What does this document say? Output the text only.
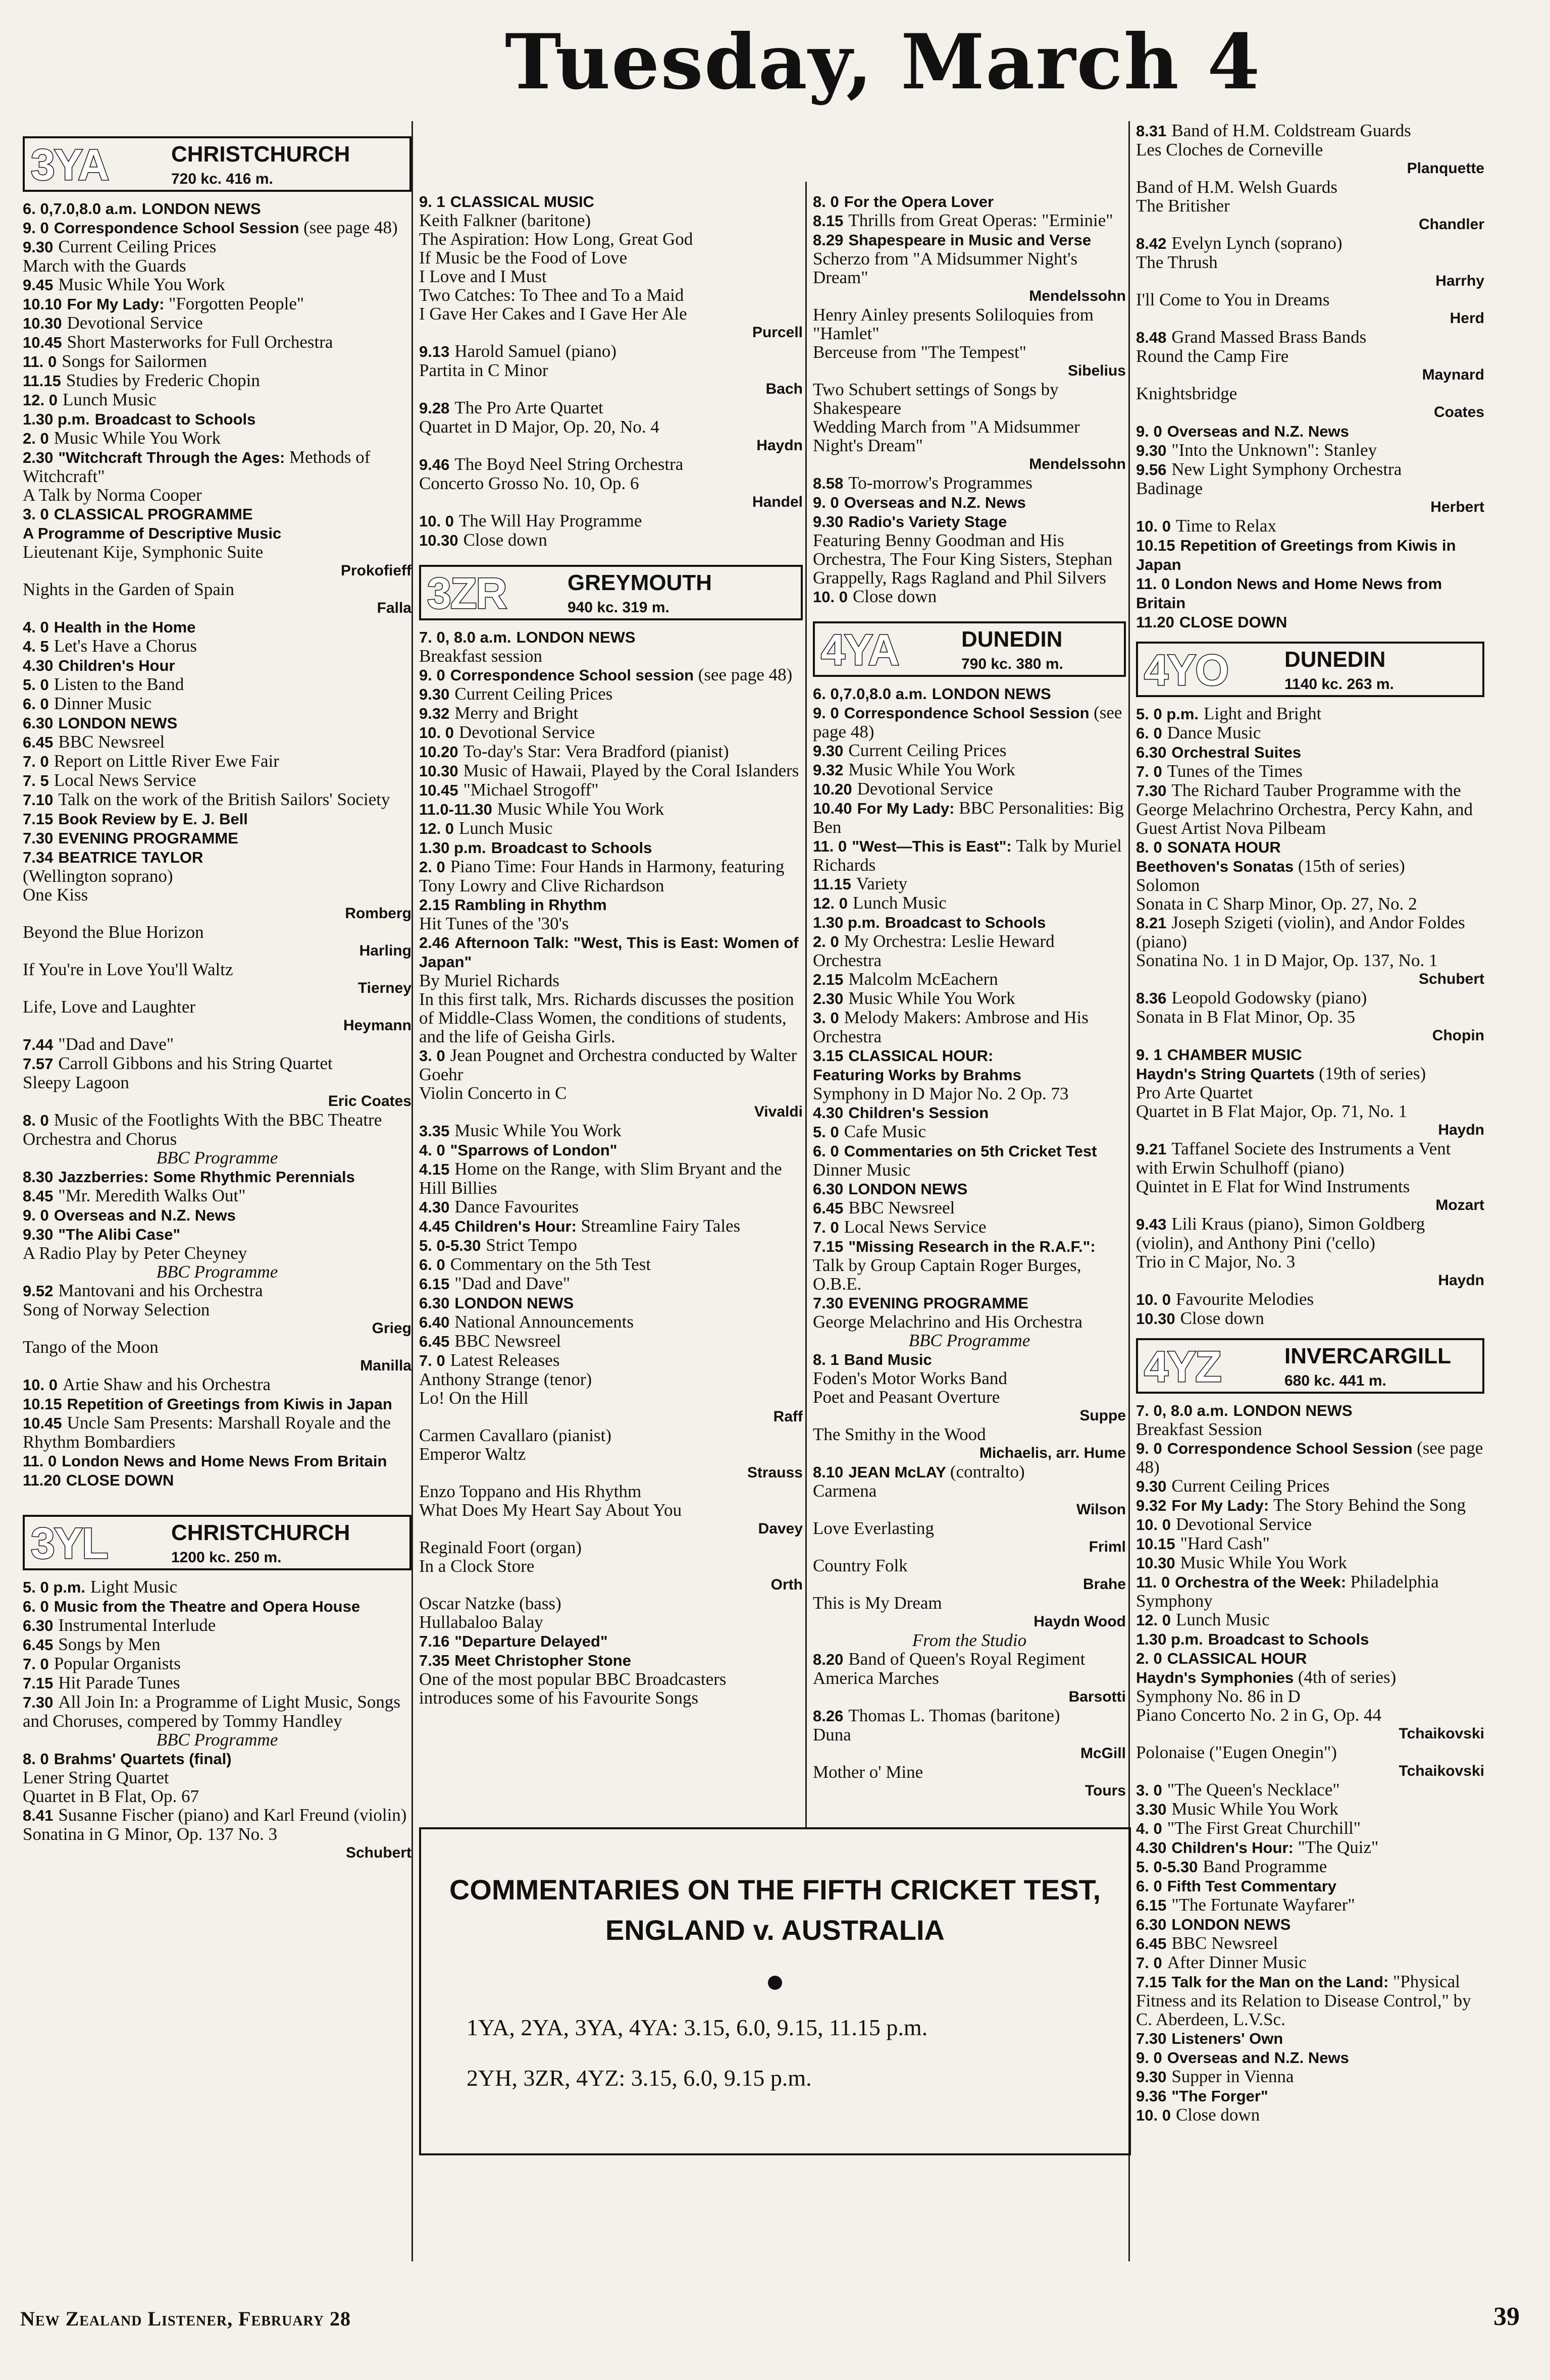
Tuesday, March 4
3YA	CHRISTCHURCH
720 kc. 416 m.
6. 0,7.0,8.0 a.m. LONDON NEWS
9. 0 Correspondence School Session (see page 48)
9.30 Current Ceiling Prices
March with the Guards
9.45 Music While You Work
10.10 For My Lady: "Forgotten People"
10.30 Devotional Service
10.45 Short Masterworks for Full Orchestra
11. 0 Songs for Sailormen
11.15 Studies by Frederic Chopin
12. 0 Lunch Music
1.30 p.m. Broadcast to Schools
2. 0 Music While You Work
2.30 "Witchcraft Through the Ages: Methods of Witchcraft"
A Talk by Norma Cooper
3. 0 CLASSICAL PROGRAMME
A Programme of Descriptive Music
Lieutenant Kije, Symphonic Suite
Prokofieff
Nights in the Garden of Spain
Falla
4. 0 Health in the Home
4. 5 Let's Have a Chorus
4.30 Children's Hour
5. 0 Listen to the Band
6. 0 Dinner Music
6.30 LONDON NEWS
6.45 BBC Newsreel
7. 0 Report on Little River Ewe Fair
7. 5 Local News Service
7.10 Talk on the work of the British Sailors' Society
7.15 Book Review by E. J. Bell
7.30 EVENING PROGRAMME
7.34 BEATRICE TAYLOR
(Wellington soprano)
One Kiss
Romberg
Beyond the Blue Horizon
Harling
If You're in Love You'll Waltz
Tierney
Life, Love and Laughter
Heymann
7.44 "Dad and Dave"
7.57 Carroll Gibbons and his String Quartet
Sleepy Lagoon
Eric Coates
8. 0 Music of the Footlights With the BBC Theatre Orchestra and Chorus
BBC Programme
8.30 Jazzberries: Some Rhythmic Perennials
8.45 "Mr. Meredith Walks Out"
9. 0 Overseas and N.Z. News
9.30 "The Alibi Case"
A Radio Play by Peter Cheyney
BBC Programme
9.52 Mantovani and his Orchestra
Song of Norway Selection
Grieg
Tango of the Moon
Manilla
10. 0 Artie Shaw and his Orchestra
10.15 Repetition of Greetings from Kiwis in Japan
10.45 Uncle Sam Presents: Marshall Royale and the Rhythm Bombardiers
11. 0 London News and Home News From Britain
11.20 CLOSE DOWN
3YL	CHRISTCHURCH
1200 kc. 250 m.
5. 0 p.m. Light Music
6. 0 Music from the Theatre and Opera House
6.30 Instrumental Interlude
6.45 Songs by Men
7. 0 Popular Organists
7.15 Hit Parade Tunes
7.30 All Join In: a Programme of Light Music, Songs and Choruses, compered by Tommy Handley
BBC Programme
8. 0 Brahms' Quartets (final)
Lener String Quartet
Quartet in B Flat, Op. 67
8.41 Susanne Fischer (piano) and Karl Freund (violin)
Sonatina in G Minor, Op. 137 No. 3
Schubert
9. 1 CLASSICAL MUSIC
Keith Falkner (baritone)
The Aspiration: How Long, Great God
If Music be the Food of Love
I Love and I Must
Two Catches: To Thee and To a Maid
I Gave Her Cakes and I Gave Her Ale
Purcell
9.13 Harold Samuel (piano)
Partita in C Minor
Bach
9.28 The Pro Arte Quartet
Quartet in D Major, Op. 20, No. 4
Haydn
9.46 The Boyd Neel String Orchestra
Concerto Grosso No. 10, Op. 6
Handel
10. 0 The Will Hay Programme
10.30 Close down
3ZR	GREYMOUTH
940 kc. 319 m.
7. 0, 8.0 a.m. LONDON NEWS
Breakfast session
9. 0 Correspondence School session (see page 48)
9.30 Current Ceiling Prices
9.32 Merry and Bright
10. 0 Devotional Service
10.20 To-day's Star: Vera Bradford (pianist)
10.30 Music of Hawaii, Played by the Coral Islanders
10.45 "Michael Strogoff"
11.0-11.30 Music While You Work
12. 0 Lunch Music
1.30 p.m. Broadcast to Schools
2. 0 Piano Time: Four Hands in Harmony, featuring Tony Lowry and Clive Richardson
2.15 Rambling in Rhythm
Hit Tunes of the '30's
2.46 Afternoon Talk: "West, This is East: Women of Japan"
By Muriel Richards
In this first talk, Mrs. Richards discusses the position of Middle-Class Women, the conditions of students, and the life of Geisha Girls.
3. 0 Jean Pougnet and Orchestra conducted by Walter Goehr
Violin Concerto in C
Vivaldi
3.35 Music While You Work
4. 0 "Sparrows of London"
4.15 Home on the Range, with Slim Bryant and the Hill Billies
4.30 Dance Favourites
4.45 Children's Hour: Streamline Fairy Tales
5. 0-5.30 Strict Tempo
6. 0 Commentary on the 5th Test
6.15 "Dad and Dave"
6.30 LONDON NEWS
6.40 National Announcements
6.45 BBC Newsreel
7. 0 Latest Releases
Anthony Strange (tenor)
Lo! On the Hill
Raff
Carmen Cavallaro (pianist)
Emperor Waltz
Strauss
Enzo Toppano and His Rhythm
What Does My Heart Say About You
Davey
Reginald Foort (organ)
In a Clock Store
Orth
Oscar Natzke (bass)
Hullabaloo Balay
7.16 "Departure Delayed"
7.35 Meet Christopher Stone
One of the most popular BBC Broadcasters introduces some of his Favourite Songs
8. 0 For the Opera Lover
8.15 Thrills from Great Operas: "Erminie"
8.29 Shapespeare in Music and Verse
Scherzo from "A Midsummer Night's Dream"
Mendelssohn
Henry Ainley presents Soliloquies from "Hamlet"
Berceuse from "The Tempest"
Sibelius
Two Schubert settings of Songs by Shakespeare
Wedding March from "A Midsummer Night's Dream"
Mendelssohn
8.58 To-morrow's Programmes
9. 0 Overseas and N.Z. News
9.30 Radio's Variety Stage
Featuring Benny Goodman and His Orchestra, The Four King Sisters, Stephan Grappelly, Rags Ragland and Phil Silvers
10. 0 Close down
4YA	DUNEDIN
790 kc. 380 m.
6. 0,7.0,8.0 a.m. LONDON NEWS
9. 0 Correspondence School Session (see page 48)
9.30 Current Ceiling Prices
9.32 Music While You Work
10.20 Devotional Service
10.40 For My Lady: BBC Personalities: Big Ben
11. 0 "West—This is East": Talk by Muriel Richards
11.15 Variety
12. 0 Lunch Music
1.30 p.m. Broadcast to Schools
2. 0 My Orchestra: Leslie Heward Orchestra
2.15 Malcolm McEachern
2.30 Music While You Work
3. 0 Melody Makers: Ambrose and His Orchestra
3.15 CLASSICAL HOUR:
Featuring Works by Brahms
Symphony in D Major No. 2 Op. 73
4.30 Children's Session
5. 0 Cafe Music
6. 0 Commentaries on 5th Cricket Test
Dinner Music
6.30 LONDON NEWS
6.45 BBC Newsreel
7. 0 Local News Service
7.15 "Missing Research in the R.A.F.": Talk by Group Captain Roger Burges, O.B.E.
7.30 EVENING PROGRAMME
George Melachrino and His Orchestra
BBC Programme
8. 1 Band Music
Foden's Motor Works Band
Poet and Peasant Overture
Suppe
The Smithy in the Wood
Michaelis, arr. Hume
8.10 JEAN McLAY (contralto)
Carmena
Wilson
Love Everlasting
Friml
Country Folk
Brahe
This is My Dream
Haydn Wood
From the Studio
8.20 Band of Queen's Royal Regiment
America Marches
Barsotti
8.26 Thomas L. Thomas (baritone)
Duna
McGill
Mother o' Mine
Tours
8.31 Band of H.M. Coldstream Guards
Les Cloches de Corneville
Planquette
Band of H.M. Welsh Guards
The Britisher
Chandler
8.42 Evelyn Lynch (soprano)
The Thrush
Harrhy
I'll Come to You in Dreams
Herd
8.48 Grand Massed Brass Bands
Round the Camp Fire
Maynard
Knightsbridge
Coates
9. 0 Overseas and N.Z. News
9.30 "Into the Unknown": Stanley
9.56 New Light Symphony Orchestra
Badinage
Herbert
10. 0 Time to Relax
10.15 Repetition of Greetings from Kiwis in Japan
11. 0 London News and Home News from Britain
11.20 CLOSE DOWN
4YO	DUNEDIN
1140 kc. 263 m.
5. 0 p.m. Light and Bright
6. 0 Dance Music
6.30 Orchestral Suites
7. 0 Tunes of the Times
7.30 The Richard Tauber Programme with the George Melachrino Orchestra, Percy Kahn, and Guest Artist Nova Pilbeam
8. 0 SONATA HOUR
Beethoven's Sonatas (15th of series)
Solomon
Sonata in C Sharp Minor, Op. 27, No. 2
8.21 Joseph Szigeti (violin), and Andor Foldes (piano)
Sonatina No. 1 in D Major, Op. 137, No. 1
Schubert
8.36 Leopold Godowsky (piano)
Sonata in B Flat Minor, Op. 35
Chopin
9. 1 CHAMBER MUSIC
Haydn's String Quartets (19th of series)
Pro Arte Quartet
Quartet in B Flat Major, Op. 71, No. 1
Haydn
9.21 Taffanel Societe des Instruments a Vent with Erwin Schulhoff (piano)
Quintet in E Flat for Wind Instruments
Mozart
9.43 Lili Kraus (piano), Simon Goldberg (violin), and Anthony Pini ('cello)
Trio in C Major, No. 3
Haydn
10. 0 Favourite Melodies
10.30 Close down
4YZ	INVERCARGILL
680 kc. 441 m.
7. 0, 8.0 a.m. LONDON NEWS
Breakfast Session
9. 0 Correspondence School Session (see page 48)
9.30 Current Ceiling Prices
9.32 For My Lady: The Story Behind the Song
10. 0 Devotional Service
10.15 "Hard Cash"
10.30 Music While You Work
11. 0 Orchestra of the Week: Philadelphia Symphony
12. 0 Lunch Music
1.30 p.m. Broadcast to Schools
2. 0 CLASSICAL HOUR
Haydn's Symphonies (4th of series)
Symphony No. 86 in D
Piano Concerto No. 2 in G, Op. 44
Tchaikovski
Polonaise ("Eugen Onegin")
Tchaikovski
3. 0 "The Queen's Necklace"
3.30 Music While You Work
4. 0 "The First Great Churchill"
4.30 Children's Hour: "The Quiz"
5. 0-5.30 Band Programme
6. 0 Fifth Test Commentary
6.15 "The Fortunate Wayfarer"
6.30 LONDON NEWS
6.45 BBC Newsreel
7. 0 After Dinner Music
7.15 Talk for the Man on the Land: "Physical Fitness and its Relation to Disease Control," by C. Aberdeen, L.V.Sc.
7.30 Listeners' Own
9. 0 Overseas and N.Z. News
9.30 Supper in Vienna
9.36 "The Forger"
10. 0 Close down
COMMENTARIES ON THE FIFTH CRICKET TEST, ENGLAND v. AUSTRALIA
1YA, 2YA, 3YA, 4YA: 3.15, 6.0, 9.15, 11.15 p.m.
2YH, 3ZR, 4YZ: 3.15, 6.0, 9.15 p.m.
New Zealand Listener, February 28	39
